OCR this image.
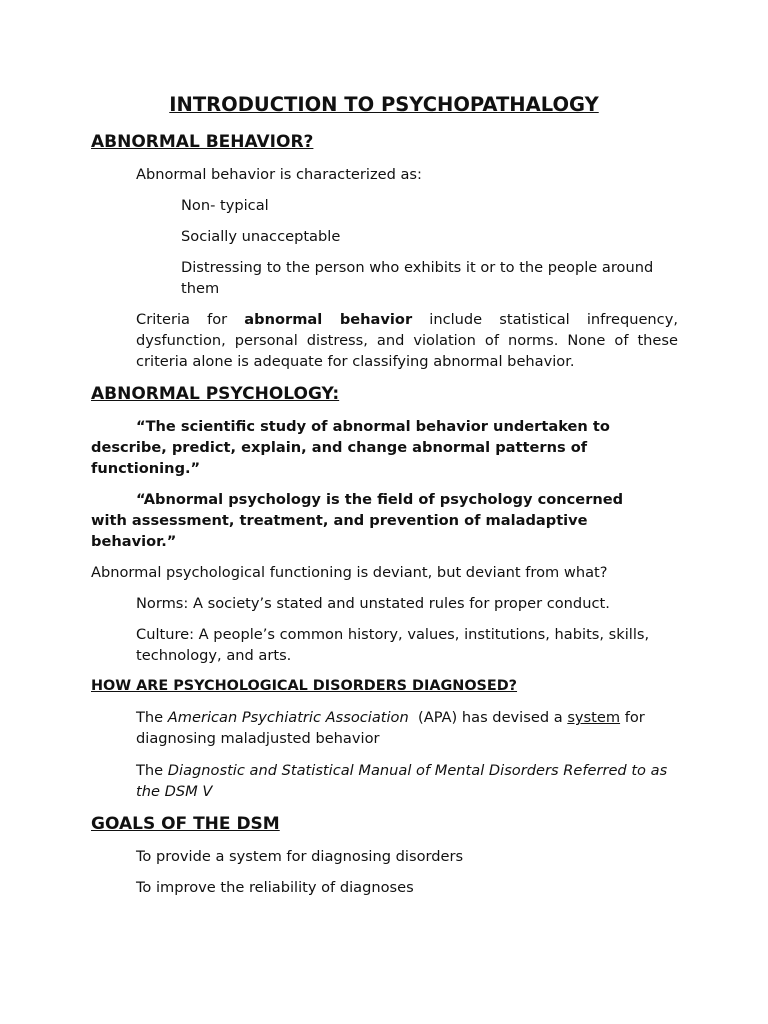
INTRODUCTION TO PSYCHOPATHALOGY
ABNORMAL BEHAVIOR?

Abnormal behavior is characterized as:

Non- typical
Socially unacceptable
Distressing to the person who exhibits it or to the people around them

Criteria for abnormal behavior include statistical infrequency, dysfunction, personal distress, and violation of norms. None of these criteria alone is adequate for classifying abnormal behavior.

ABNORMAL PSYCHOLOGY:

“The scientific study of abnormal behavior undertaken to describe, predict, explain, and change abnormal patterns of functioning.”

“Abnormal psychology is the field of psychology concerned with assessment, treatment, and prevention of maladaptive behavior.”

Abnormal psychological functioning is deviant, but deviant from what?

Norms: A society’s stated and unstated rules for proper conduct.
Culture: A people’s common history, values, institutions, habits, skills, technology, and arts.
HOW ARE PSYCHOLOGICAL DISORDERS DIAGNOSED?
The American Psychiatric Association  (APA) has devised a system for diagnosing maladjusted behavior
The Diagnostic and Statistical Manual of Mental Disorders Referred to as the DSM V
GOALS OF THE DSM
To provide a system for diagnosing disorders
To improve the reliability of diagnoses
